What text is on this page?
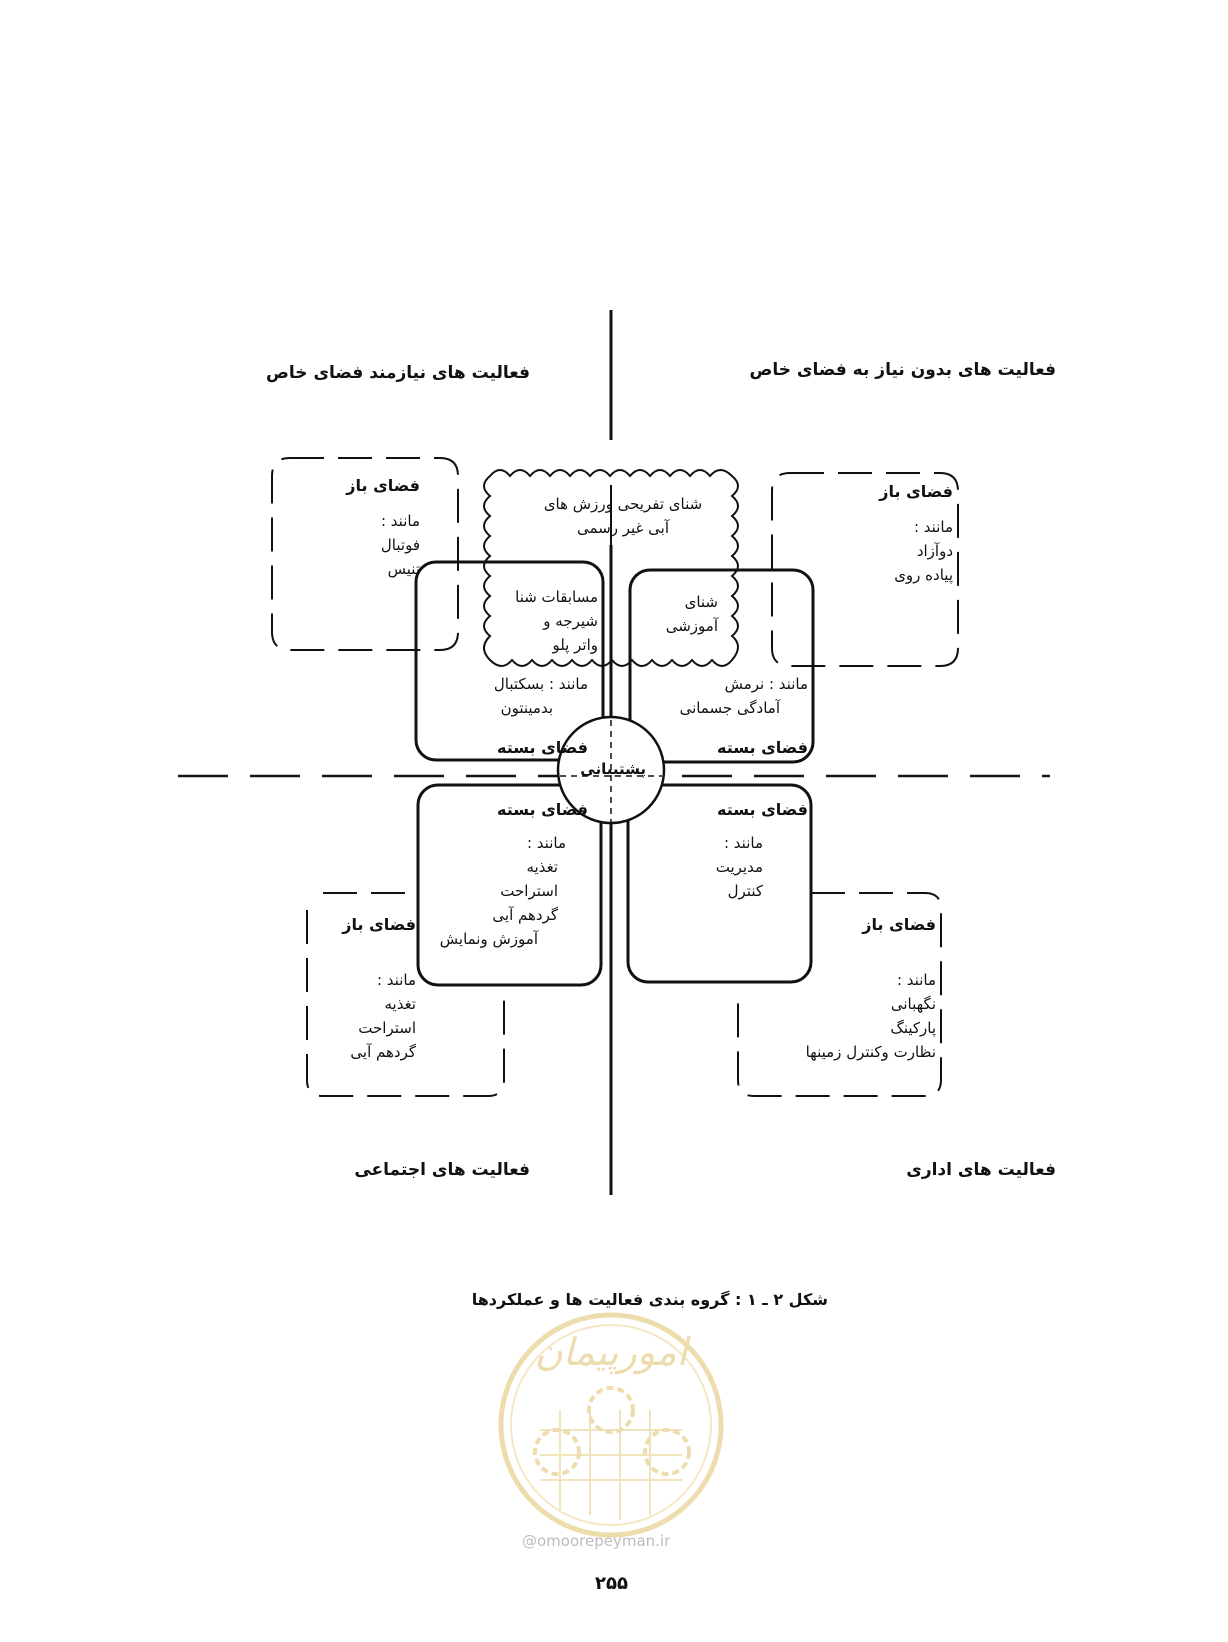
امورپیمان
فعالیت های بدون نیاز به فضای خاص
فعالیت های نیازمند فضای خاص
فعالیت های اداری
فعالیت های اجتماعی
فضای باز
مانند :
فوتبال
تنیس
فضای باز
مانند :
دوآزاد
پیاده روی
شنای تفریحی ورزش های
آبی غیر رسمی
مسابقات شنا
شیرجه و
واتر پلو
شنای
آموزشی
مانند : بسکتبال
بدمینتون
فضای بسته
مانند : نرمش
آمادگی جسمانی
فضای بسته
پشتیبانی
فضای بسته
مانند :
تغذیه
استراحت
گردهم آیی
آموزش ونمایش
فضای بسته
مانند :
مدیریت
کنترل
فضای باز
مانند :
تغذیه
استراحت
گردهم آیی
فضای باز
مانند :
نگهبانی
پارکینگ
نظارت وکنترل زمینها
شکل ۲ ـ ۱ : گروه بندی فعالیت ها و عملکردها
@omoorepeyman.ir
۲۵۵
